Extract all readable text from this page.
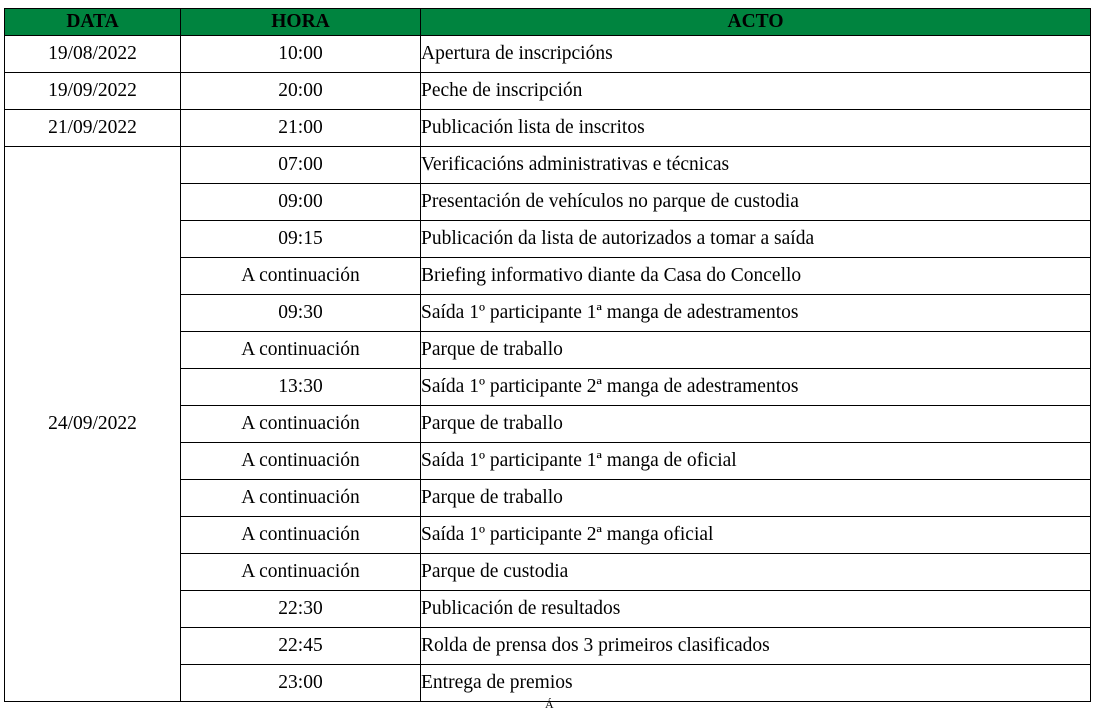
DATA	HORA	ACTO
19/08/2022	10:00	Apertura de inscripcións
19/09/2022	20:00	Peche de inscripción
21/09/2022	21:00	Publicación lista de inscritos
24/09/2022	07:00	Verificacións administrativas e técnicas
	09:00	Presentación de vehículos no parque de custodia
	09:15	Publicación da lista de autorizados a tomar a saída
	A continuación	Briefing informativo diante da Casa do Concello
	09:30	Saída 1º participante 1ª manga de adestramentos
	A continuación	Parque de traballo
	13:30	Saída 1º participante 2ª manga de adestramentos
	A continuación	Parque de traballo
	A continuación	Saída 1º participante 1ª manga de oficial
	A continuación	Parque de traballo
	A continuación	Saída 1º participante 2ª manga oficial
	A continuación	Parque de custodia
	22:30	Publicación de resultados
	22:45	Rolda de prensa dos 3 primeiros clasificados
	23:00	Entrega de premios
Á
